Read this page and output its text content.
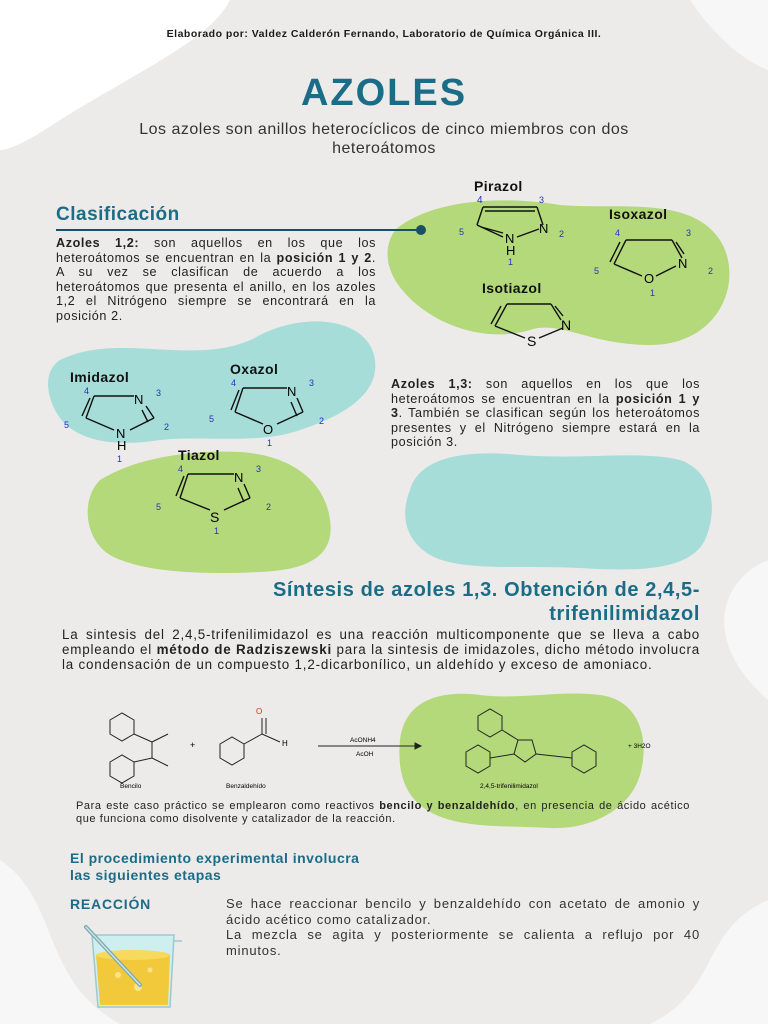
Elaborado por: Valdez Calderón Fernando, Laboratorio de Química Orgánica III.
AZOLES
Los azoles son anillos heterocíclicos de cinco miembros con dos heteroátomos
Clasificación
Azoles 1,2: son aquellos en los que los heteroátomos se encuentran en la posición 1 y 2. A su vez se clasifican de acuerdo a los heteroátomos que presenta el anillo, en los azoles 1,2 el Nitrógeno siempre se encontrará en la posición 2.
Azoles 1,3: son aquellos en los que los heteroátomos se encuentran en la posición 1 y 3. También se clasifican según los heteroátomos presentes y el Nitrógeno siempre estará en la posición 3.
Pirazol
Isoxazol
Isotiazol
Imidazol	Oxazol
Tiazol
N
H
N
4	3
5	2
1
O
N
4	3
5	2
1
S
N
N
N
H
4	3
5	2
1
N
O
4	3
5	2
1
N
S
4	3
5	2
1
Síntesis de azoles 1,3. Obtención de 2,4,5-
trifenilimidazol
La sintesis del 2,4,5-trifenilimidazol es una reacción multicomponente que se lleva a cabo empleando el método de Radziszewski para la sintesis de imidazoles, dicho método involucra la condensación de un compuesto 1,2-dicarbonílico, un aldehído y exceso de amoniaco.
O
H
+	AcONH4
AcOH
+ 3H2O
Bencilo	Benzaldehído	2,4,5-trifenilimidazol
Para este caso práctico se emplearon como reactivos bencilo y benzaldehído, en presencia de ácido acético que funciona como disolvente y catalizador de la reacción.
El procedimiento experimental involucra
las siguientes etapas
REACCIÓN	Se hace reaccionar bencilo y benzaldehído con acetato de amonio y ácido acético como catalizador.

La mezcla se agita y posteriormente se calienta a reflujo por 40 minutos.
